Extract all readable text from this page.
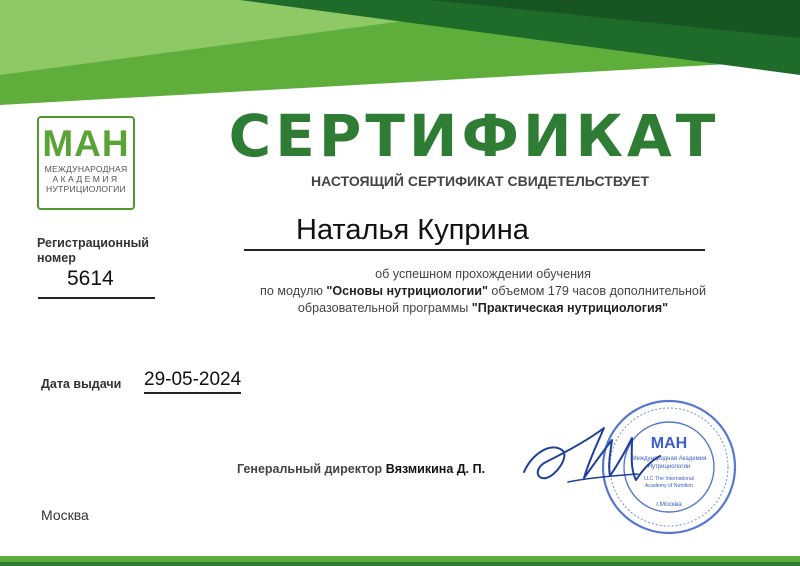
МАН
МЕЖДУНАРОДНАЯ
АКАДЕМИЯ
НУТРИЦИОЛОГИИ
СЕРТИФИКАТ
НАСТОЯЩИЙ СЕРТИФИКАТ СВИДЕТЕЛЬСТВУЕТ
Регистрационный номер
5614
Наталья Куприна
об успешном прохождении обучения
по модулю "Основы нутрициологии" объемом 179 часов дополнительной
образовательной программы "Практическая нутрициология"
Дата выдачи 29-05-2024
Генеральный директор Вязмикина Д. П.
Москва
МАН
Международная Академия
Нутрициологии
LLC The International
Academy of Nutrition
г.Москва
